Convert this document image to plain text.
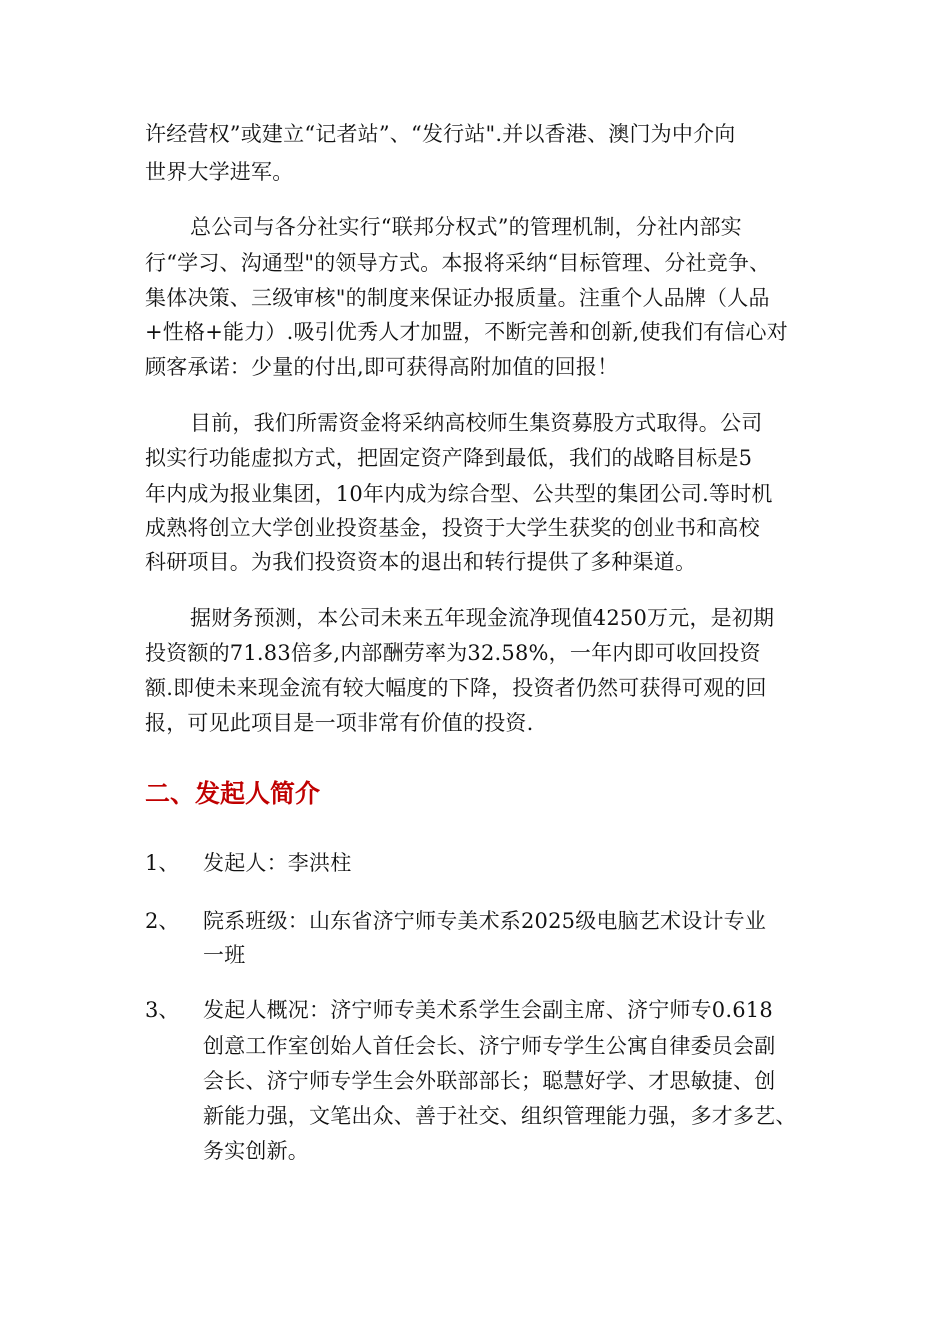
许经营权”或建立“记者站”、“发行站".并以香港、澳门为中介向
世界大学进军。
总公司与各分社实行“联邦分权式”的管理机制，分社内部实
行“学习、沟通型"的领导方式。本报将采纳“目标管理、分社竞争、
集体决策、三级审核"的制度来保证办报质量。注重个人品牌（人品
+性格+能力）.吸引优秀人才加盟，不断完善和创新,使我们有信心对
顾客承诺：少量的付出,即可获得高附加值的回报！
目前，我们所需资金将采纳高校师生集资募股方式取得。公司
拟实行功能虚拟方式，把固定资产降到最低，我们的战略目标是5
年内成为报业集团，10年内成为综合型、公共型的集团公司.等时机
成熟将创立大学创业投资基金，投资于大学生获奖的创业书和高校
科研项目。为我们投资资本的退出和转行提供了多种渠道。
据财务预测，本公司未来五年现金流净现值4250万元，是初期
投资额的71.83倍多,内部酬劳率为32.58%，一年内即可收回投资
额.即使未来现金流有较大幅度的下降，投资者仍然可获得可观的回
报，可见此项目是一项非常有价值的投资.
二、发起人简介
1、 发起人：李洪柱
2、 院系班级：山东省济宁师专美术系2025级电脑艺术设计专业
一班
3、 发起人概况：济宁师专美术系学生会副主席、济宁师专0.618
创意工作室创始人首任会长、济宁师专学生公寓自律委员会副
会长、济宁师专学生会外联部部长；聪慧好学、才思敏捷、创
新能力强，文笔出众、善于社交、组织管理能力强，多才多艺、
务实创新。
